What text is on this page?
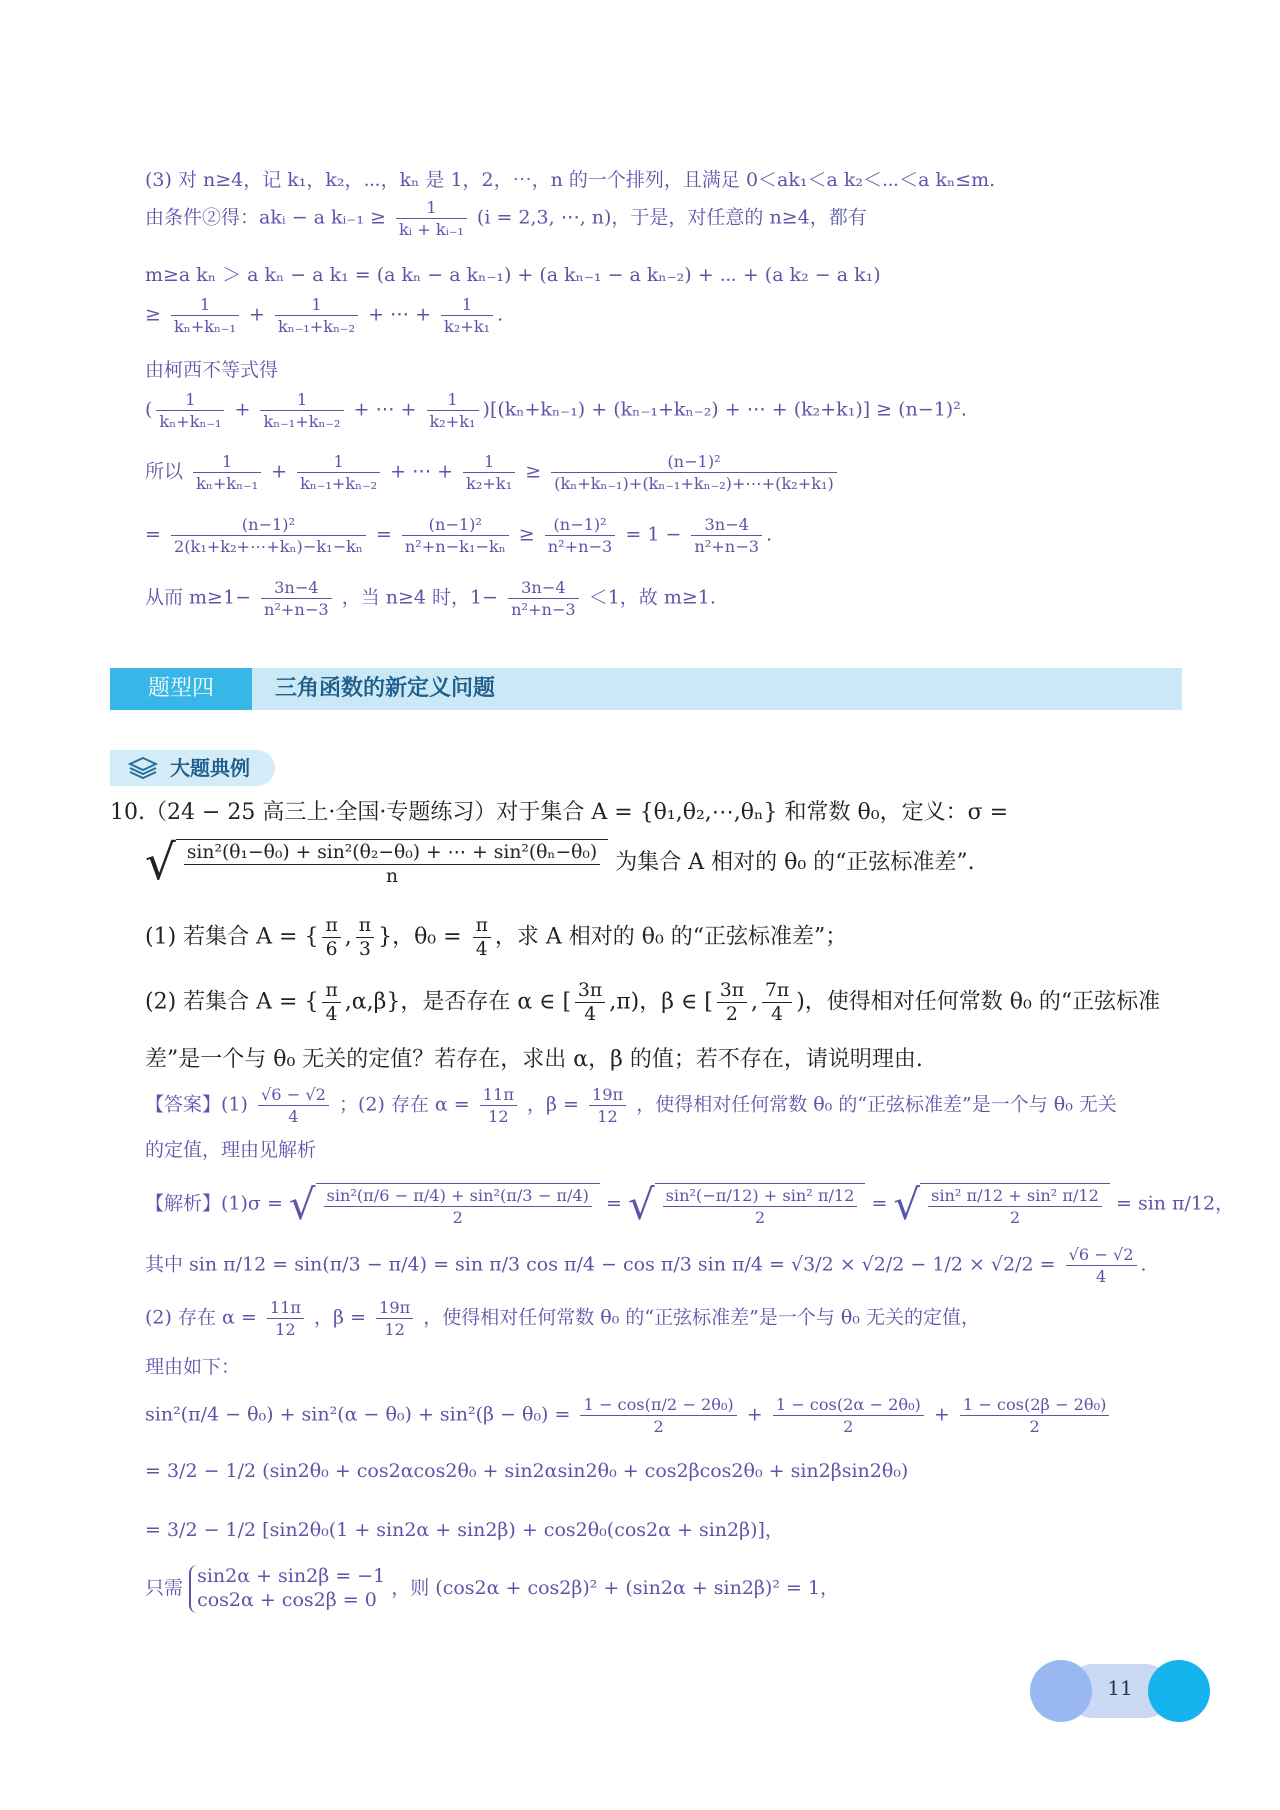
(3) 对 n≥4，记 k₁，k₂，⋯，kₙ 是 1，2，⋯，n 的一个排列，且满足 0＜ak₁＜a k₂＜⋯＜a kₙ≤m.
由条件②得：akᵢ − a kᵢ₋₁ ≥ $\frac{1}{\text{kᵢ + kᵢ₋₁}} (i = 2,3$, ⋯, n)，于是，对任意的 n≥4，都有
m≥a kₙ ＞ a kₙ − a k₁ = (a kₙ − a kₙ₋₁) + (a kₙ₋₁ − a kₙ₋₂) + ⋯ + (a k₂ − a k₁)
≥ $\frac{1}{\text{kₙ+kₙ₋₁}} + \frac{1}{\text{kₙ₋₁+kₙ₋₂}}$ + ⋯ + $\frac{1}{\text{k₂+k₁}}$ .
由柯西不等式得
( $\frac{1}{\text{kₙ+kₙ₋₁}} + \frac{1}{\text{kₙ₋₁+kₙ₋₂}}$ + ⋯ + $\frac{1}{\text{k₂+k₁}} )[(k_n+k_{n-1}) + (k_{n-1}+k_{n-2})$ + ⋯ + (k₂+k₁)] ≥ (n−1)².
所以 $\frac{1}{\text{kₙ+kₙ₋₁}} + \frac{1}{\text{kₙ₋₁+kₙ₋₂}}$ + ⋯ + $\frac{1}{\text{k₂+k₁}} \ge \frac{\text{(n−1)²}}{\text{(kₙ+kₙ₋₁)+(kₙ₋₁+kₙ₋₂)+⋯+(k₂+k₁)}}$
= $\frac{\text{(n−1)²}}{\text{2(k₁+k₂+⋯+kₙ)−k₁−kₙ}} = \frac{\text{(n−1)²}}{\text{n²+n−k₁−kₙ}} \ge \frac{\text{(n−1)²}}{\text{n²+n−3}} = 1 - \frac{3n-4}{\text{n²+n−3}}$ .
从而 $m\ge 1- \frac{3n-4}{\text{n²+n−3}}$ ，当 n≥4 时，$1- \frac{3n-4}{\text{n²+n−3}} <1$，故 m≥1.
题型四	三角函数的新定义问题
大题典例
10.（24 − 25 高三上·全国·专题练习）对于集合 A = {θ₁,θ₂,⋯,θₙ} 和常数 θ₀，定义：σ =
√ $\frac{\text{sin²(θ₁−θ₀) + sin²(θ₂−θ₀) + ⋯ + sin²(θₙ−θ₀)}}{n}$ 为集合 A 相对的 θ₀ 的“正弦标准差”.
(1) 若集合 A = { $\frac{\pi}{6}$ , $\frac{\pi}{3}$ }，$\theta_0 = \frac{\pi}{4}$ ，求 A 相对的 θ₀ 的“正弦标准差”；
(2) 若集合 A = { $\frac{\pi}{4} ,\alpha,\beta$}，是否存在 α ∈ [ $\frac{3\pi}{4} ,\pi$)，β ∈ [ $\frac{3\pi}{2}$ , $\frac{7\pi}{4}$ )，使得相对任何常数 θ₀ 的“正弦标准
差”是一个与 θ₀ 无关的定值？若存在，求出 α，β 的值；若不存在，请说明理由.
【答案】$(1) \frac{√6 - √2}{4}$ ；(2) 存在 $\alpha = \frac{11\pi}{12}$ ，$\beta = \frac{19\pi}{12}$ ，使得相对任何常数 θ₀ 的“正弦标准差”是一个与 θ₀ 无关
的定值，理由见解析
【解析】(1)σ = √ $\frac{\text{sin²(π/6 − π/4) + sin²(π/3 − π/4)}}{2}$ = √ $\frac{\text{sin²(−π/12) + sin² π/12}}{2}$ = √ $\frac{\text{sin² π/12 + sin² π/12}}{2} = \sin \pi/12$，
其中 sin π/12 = sin(π/3 − π/4) = sin π/3 cos π/4 − cos π/3 $\sin \pi/4 = √3/2 \times √2/2 - 1/2 \times √2/2 = \frac{√6 - √2}{4}$ .
(2) 存在 $\alpha = \frac{11\pi}{12}$ ，$\beta = \frac{19\pi}{12}$ ，使得相对任何常数 θ₀ 的“正弦标准差”是一个与 θ₀ 无关的定值，
理由如下：
$\sin^2(\pi/4 - \theta_0) + \sin^2(\alpha - \theta_0) + \sin^2(\beta - \theta_0) = \frac{\text{1 − cos(π/2 − 2θ₀)}}{2} + \frac{\text{1 − cos(2α − 2θ₀)}}{2} + \frac{\text{1 − cos(2β − 2θ₀)}}{2}$
= 3/2 − 1/2 (sin2θ₀ + cos2αcos2θ₀ + sin2αsin2θ₀ + cos2βcos2θ₀ + sin2βsin2θ₀)
= 3/2 − 1/2 [sin2θ₀(1 + sin2α + sin2β) + cos2θ₀(cos2α + sin2β)]，
只需 sin2α + sin2β = −1
cos2α + cos2β = 0 ，则 (cos2α + cos2β)² + (sin2α + sin2β)² = 1，
11
